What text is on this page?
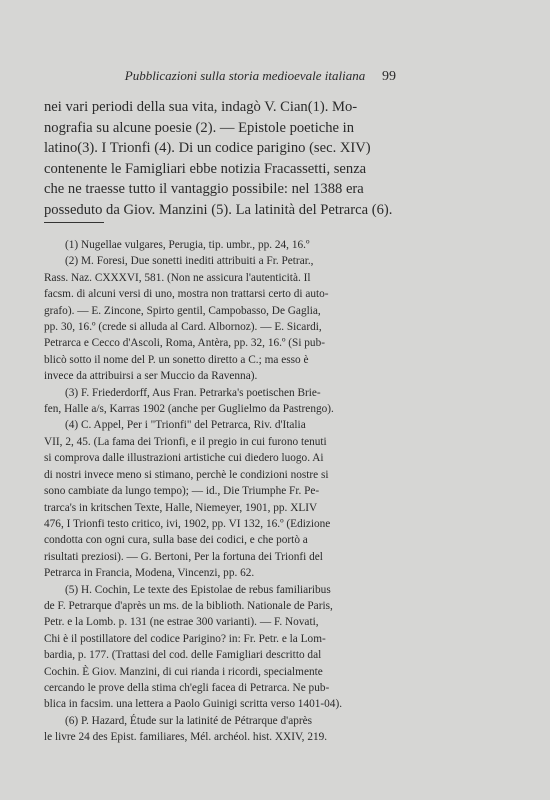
Pubblicazioni sulla storia medioevale italiana	99
nei vari periodi della sua vita, indagò V. Cian(1). Mo-
nografia su alcune poesie (2). — Epistole poetiche in
latino(3). I Trionfi (4). Di un codice parigino (sec. XIV)
contenente le Famigliari ebbe notizia Fracassetti, senza
che ne traesse tutto il vantaggio possibile: nel 1388 era
posseduto da Giov. Manzini (5). La latinità del Petrarca (6).
(1) Nugellae vulgares, Perugia, tip. umbr., pp. 24, 16.º
(2) M. Foresi, Due sonetti inediti attribuiti a Fr. Petrar.,
Rass. Naz. CXXXVI, 581. (Non ne assicura l'autenticità. Il
facsm. di alcuni versi di uno, mostra non trattarsi certo di auto-
grafo). — E. Zincone, Spirto gentil, Campobasso, De Gaglia,
pp. 30, 16.º (crede si alluda al Card. Albornoz). — E. Sicardi,
Petrarca e Cecco d'Ascoli, Roma, Antèra, pp. 32, 16.º (Si pub-
blicò sotto il nome del P. un sonetto diretto a C.; ma esso è
invece da attribuirsi a ser Muccio da Ravenna).
(3) F. Friederdorff, Aus Fran. Petrarka's poetischen Brie-
fen, Halle a/s, Karras 1902 (anche per Guglielmo da Pastrengo).
(4) C. Appel, Per i "Trionfi" del Petrarca, Riv. d'Italia
VII, 2, 45. (La fama dei Trionfi, e il pregio in cui furono tenuti
si comprova dalle illustrazioni artistiche cui diedero luogo. Ai
di nostri invece meno si stimano, perchè le condizioni nostre si
sono cambiate da lungo tempo); — id., Die Triumphe Fr. Pe-
trarca's in kritschen Texte, Halle, Niemeyer, 1901, pp. XLIV
476, I Trionfi testo critico, ivi, 1902, pp. VI 132, 16.º (Edizione
condotta con ogni cura, sulla base dei codici, e che portò a
risultati preziosi). — G. Bertoni, Per la fortuna dei Trionfi del
Petrarca in Francia, Modena, Vincenzi, pp. 62.
(5) H. Cochin, Le texte des Epistolae de rebus familiaribus
de F. Petrarque d'après un ms. de la biblioth. Nationale de Paris,
Petr. e la Lomb. p. 131 (ne estrae 300 varianti). — F. Novati,
Chi è il postillatore del codice Parigino? in: Fr. Petr. e la Lom-
bardia, p. 177. (Trattasi del cod. delle Famigliari descritto dal
Cochin. È Giov. Manzini, di cui rianda i ricordi, specialmente
cercando le prove della stima ch'egli facea di Petrarca. Ne pub-
blica in facsim. una lettera a Paolo Guinigi scritta verso 1401-04).
(6) P. Hazard, Étude sur la latinité de Pétrarque d'après
le livre 24 des Epist. familiares, Mél. archéol. hist. XXIV, 219.
